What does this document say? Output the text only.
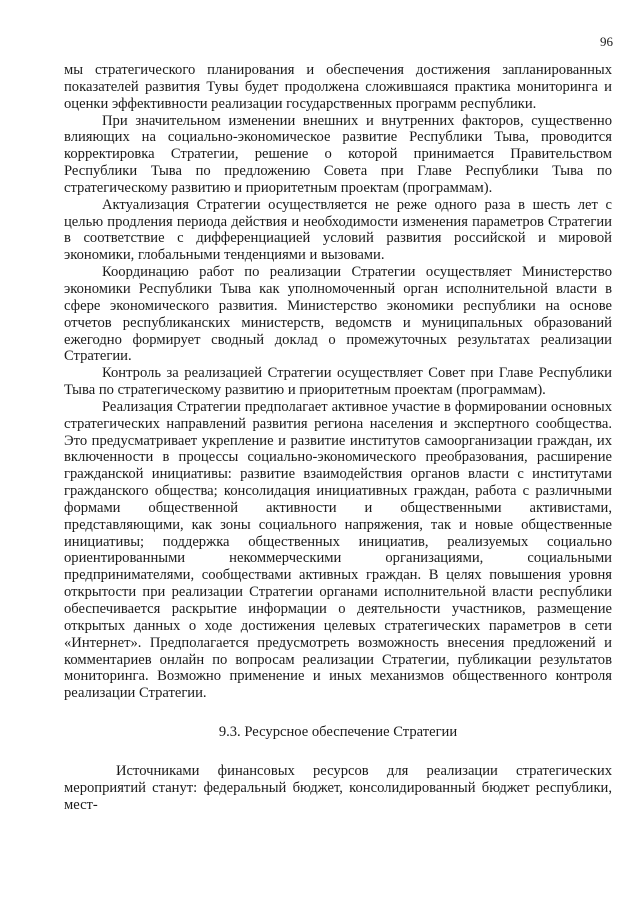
96

мы стратегического планирования и обеспечения достижения запланированных показателей развития Тувы будет продолжена сложившаяся практика мониторинга и оценки эффективности реализации государственных программ республики.

При значительном изменении внешних и внутренних факторов, существенно влияющих на социально-экономическое развитие Республики Тыва, проводится корректировка Стратегии, решение о которой принимается Правительством Республики Тыва по предложению Совета при Главе Республики Тыва по стратегическому развитию и приоритетным проектам (программам).

Актуализация Стратегии осуществляется не реже одного раза в шесть лет с целью продления периода действия и необходимости изменения параметров Стратегии в соответствие с дифференциацией условий развития российской и мировой экономики, глобальными тенденциями и вызовами.

Координацию работ по реализации Стратегии осуществляет Министерство экономики Республики Тыва как уполномоченный орган исполнительной власти в сфере экономического развития. Министерство экономики республики на основе отчетов республиканских министерств, ведомств и муниципальных образований ежегодно формирует сводный доклад о промежуточных результатах реализации Стратегии.

Контроль за реализацией Стратегии осуществляет Совет при Главе Республики Тыва по стратегическому развитию и приоритетным проектам (программам).

Реализация Стратегии предполагает активное участие в формировании основных стратегических направлений развития региона населения и экспертного сообщества. Это предусматривает укрепление и развитие институтов самоорганизации граждан, их включенности в процессы социально-экономического преобразования, расширение гражданской инициативы: развитие взаимодействия органов власти с институтами гражданского общества; консолидация инициативных граждан, работа с различными формами общественной активности и общественными активистами, представляющими, как зоны социального напряжения, так и новые общественные инициативы; поддержка общественных инициатив, реализуемых социально ориентированными некоммерческими организациями, социальными предпринимателями, сообществами активных граждан. В целях повышения уровня открытости при реализации Стратегии органами исполнительной власти республики обеспечивается раскрытие информации о деятельности участников, размещение открытых данных о ходе достижения целевых стратегических параметров в сети «Интернет». Предполагается предусмотреть возможность внесения предложений и комментариев онлайн по вопросам реализации Стратегии, публикации результатов мониторинга. Возможно применение и иных механизмов общественного контроля реализации Стратегии.

9.3. Ресурсное обеспечение Стратегии

Источниками финансовых ресурсов для реализации стратегических мероприятий станут: федеральный бюджет, консолидированный бюджет республики, мест-
